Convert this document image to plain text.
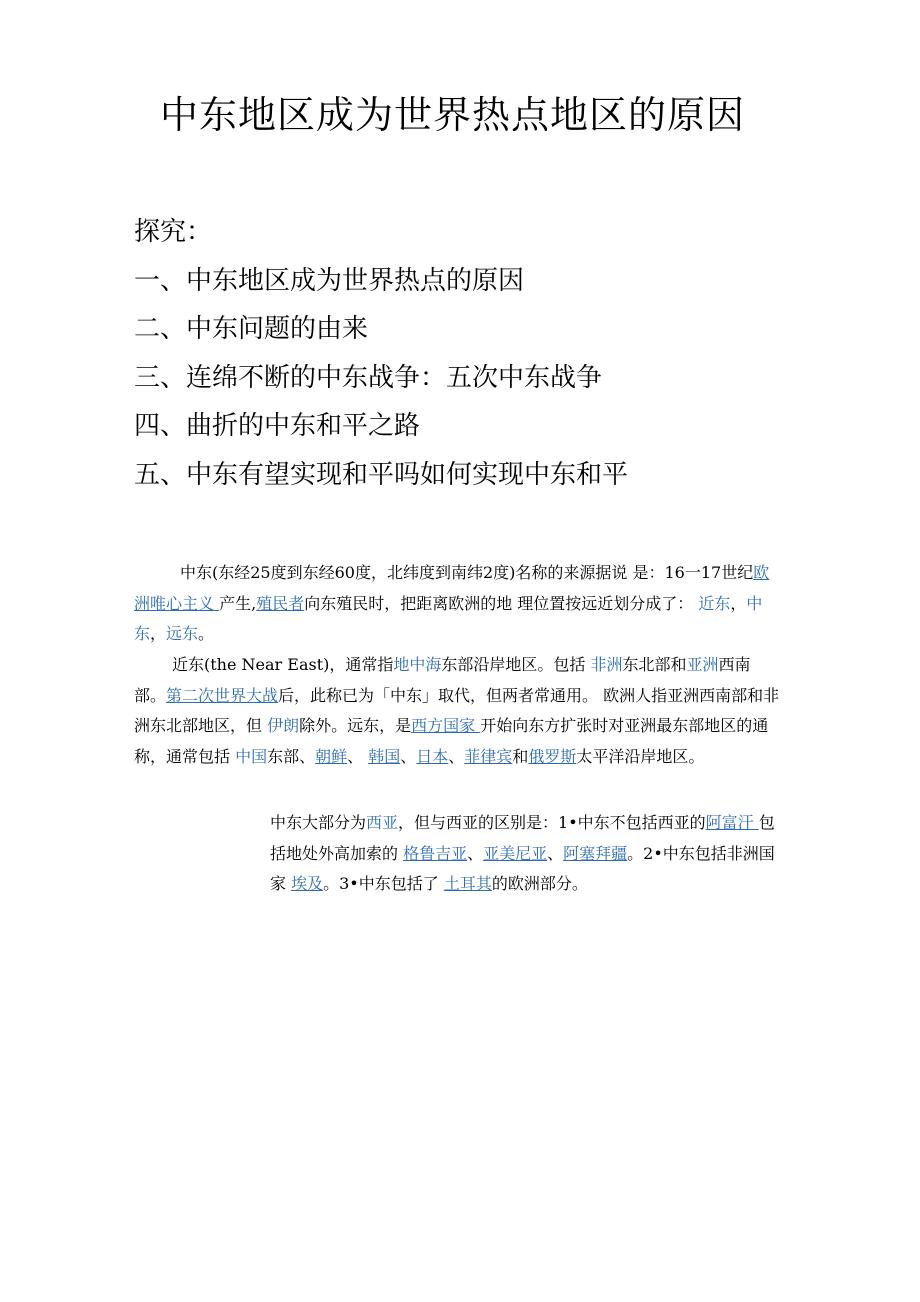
中东地区成为世界热点地区的原因
探究：
一、中东地区成为世界热点的原因
二、中东问题的由来
三、连绵不断的中东战争：五次中东战争
四、曲折的中东和平之路
五、中东有望实现和平吗如何实现中东和平

中东(东经25度到东经60度，北纬度到南纬2度)名称的来源据说 是：16一17世纪欧洲唯心主义 产生,殖民者向东殖民时，把距离欧洲的地 理位置按远近划分成了： 近东，中东，远东。

近东(the Near East)，通常指地中海东部沿岸地区。包括 非洲东北部和亚洲西南部。第二次世界大战后，此称已为「中东」取代，但两者常通用。 欧洲人指亚洲西南部和非洲东北部地区，但 伊朗除外。远东，是西方国家 开始向东方扩张时对亚洲最东部地区的通称，通常包括 中国东部、朝鲜、 韩国、日本、菲律宾和俄罗斯太平洋沿岸地区。

中东大部分为西亚，但与西亚的区别是：1•中东不包括西亚的阿富汗 包括地处外高加索的 格鲁吉亚、亚美尼亚、阿塞拜疆。2•中东包括非洲国家 埃及。3•中东包括了 土耳其的欧洲部分。
